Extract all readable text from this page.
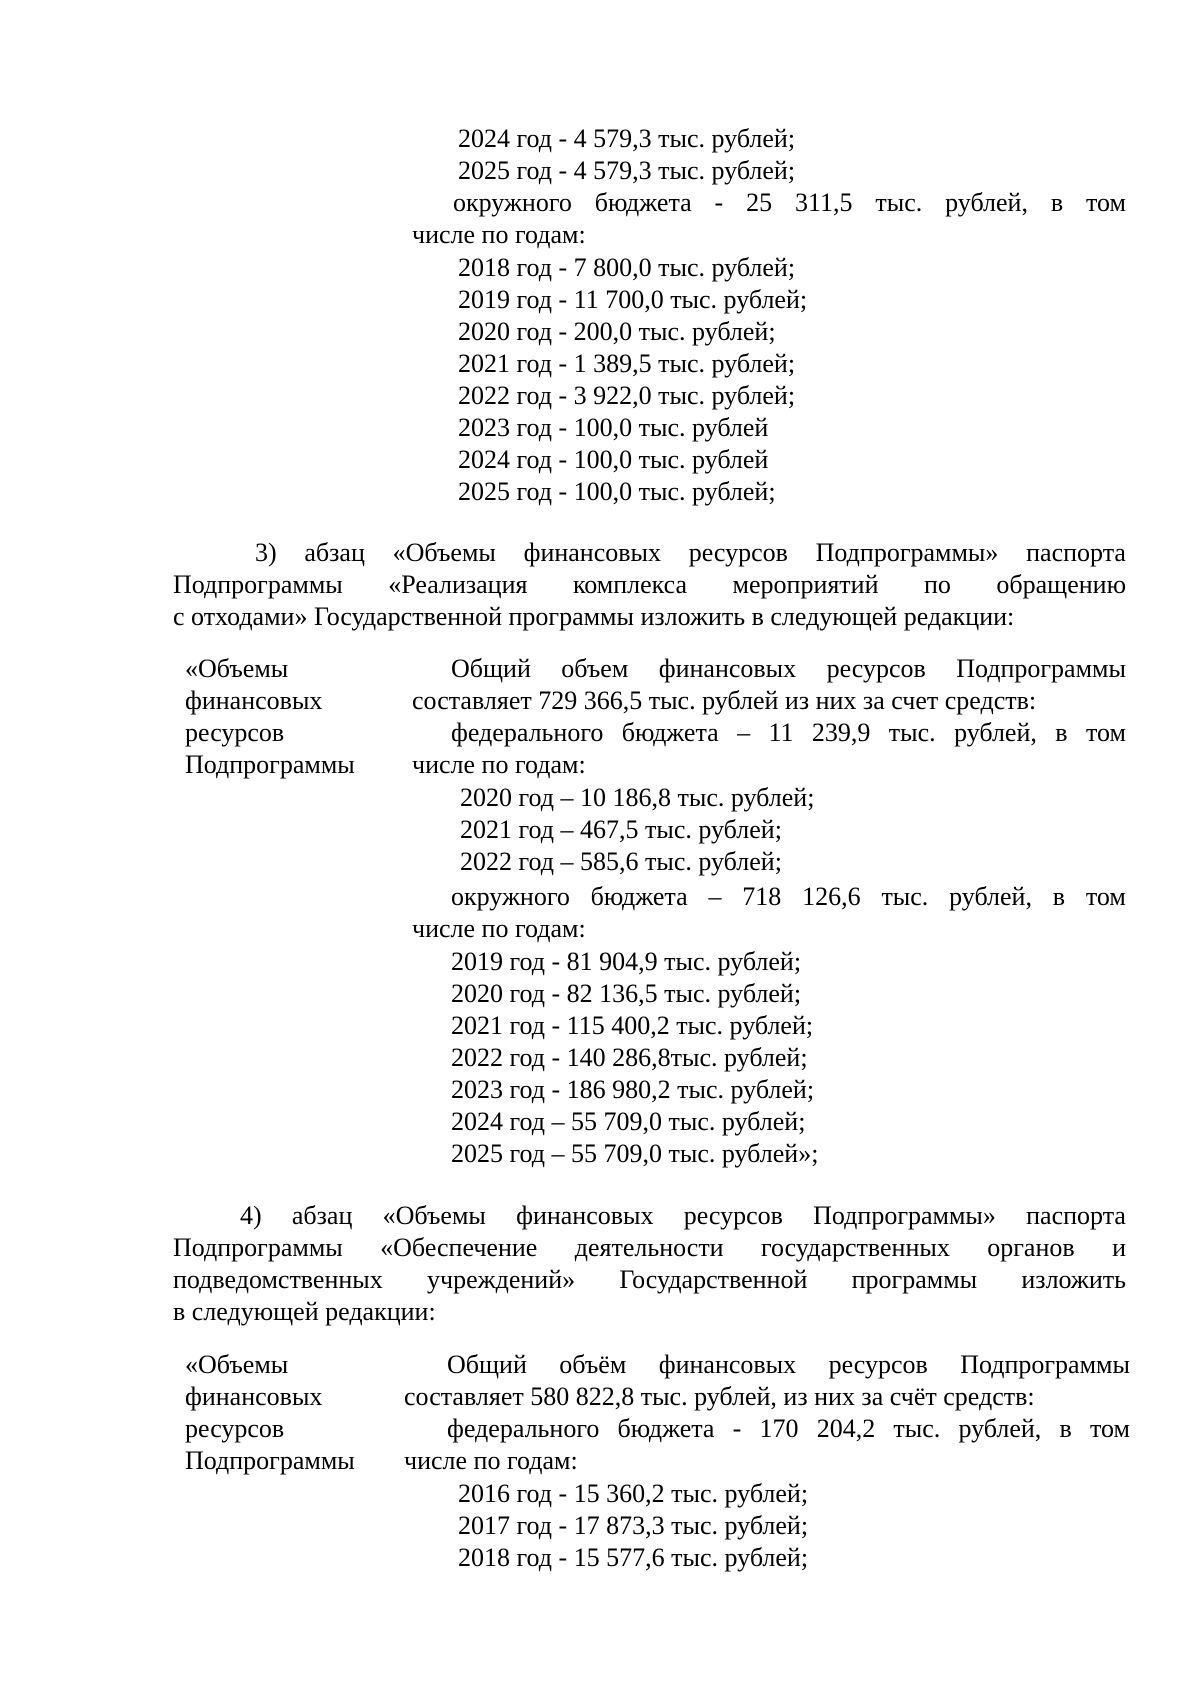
2024 год - 4 579,3 тыс. рублей;
2025 год - 4 579,3 тыс. рублей;
окружного бюджета - 25 311,5 тыс. рублей, в том
числе по годам:
2018 год - 7 800,0 тыс. рублей;
2019 год - 11 700,0 тыс. рублей;
2020 год - 200,0 тыс. рублей;
2021 год - 1 389,5 тыс. рублей;
2022 год - 3 922,0 тыс. рублей;
2023 год - 100,0 тыс. рублей
2024 год - 100,0 тыс. рублей
2025 год - 100,0 тыс. рублей;
3) абзац «Объемы финансовых ресурсов Подпрограммы» паспорта
Подпрограммы «Реализация комплекса мероприятий по обращению
с отходами» Государственной программы изложить в следующей редакции:
«Объемы
финансовых
ресурсов
Подпрограммы
Общий объем финансовых ресурсов Подпрограммы
составляет 729 366,5 тыс. рублей из них за счет средств:
федерального бюджета – 11 239,9 тыс. рублей, в том
числе по годам:
2020 год – 10 186,8 тыс. рублей;
2021 год – 467,5 тыс. рублей;
2022 год – 585,6 тыс. рублей;
окружного бюджета – 718 126,6 тыс. рублей, в том
числе по годам:
2019 год - 81 904,9 тыс. рублей;
2020 год - 82 136,5 тыс. рублей;
2021 год - 115 400,2 тыс. рублей;
2022 год - 140 286,8тыс. рублей;
2023 год - 186 980,2 тыс. рублей;
2024 год – 55 709,0 тыс. рублей;
2025 год – 55 709,0 тыс. рублей»;
4) абзац «Объемы финансовых ресурсов Подпрограммы» паспорта
Подпрограммы «Обеспечение деятельности государственных органов и
подведомственных учреждений» Государственной программы изложить
в следующей редакции:
«Объемы
финансовых
ресурсов
Подпрограммы
Общий объём финансовых ресурсов Подпрограммы
составляет 580 822,8 тыс. рублей, из них за счёт средств:
федерального бюджета - 170 204,2 тыс. рублей, в том
числе по годам:
2016 год - 15 360,2 тыс. рублей;
2017 год - 17 873,3 тыс. рублей;
2018 год - 15 577,6 тыс. рублей;
